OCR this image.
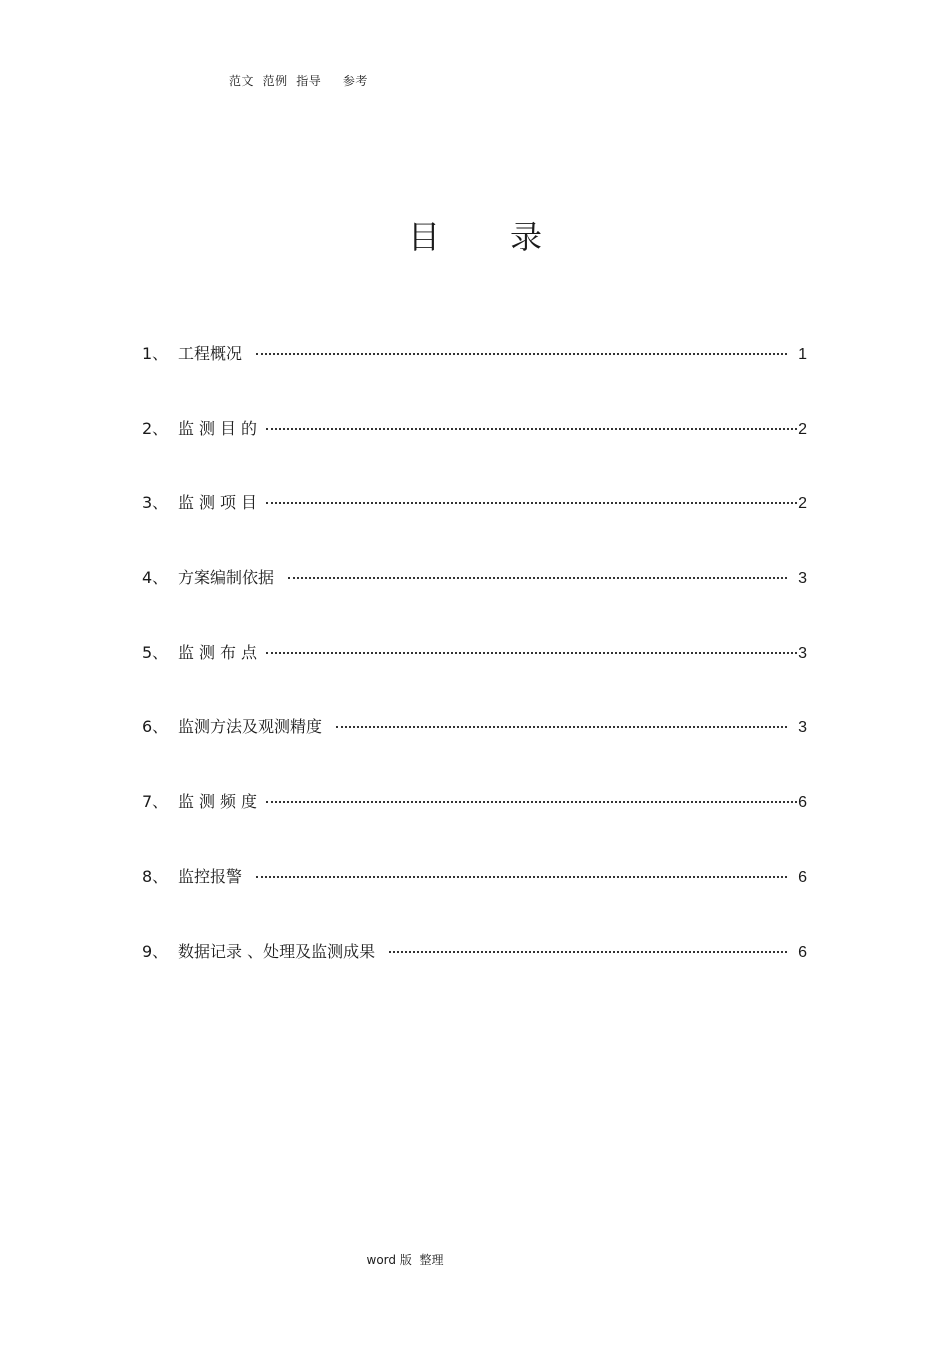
范文  范例  指导     参考
目录
1、 工程概况	1
2、 监测目的	2
3、 监测项目	2
4、 方案编制依据	3
5、 监测布点	3
6、 监测方法及观测精度	3
7、 监测频度	6
8、 监控报警	6
9、 数据记录 、处理及监测成果	6
word 版  整理
